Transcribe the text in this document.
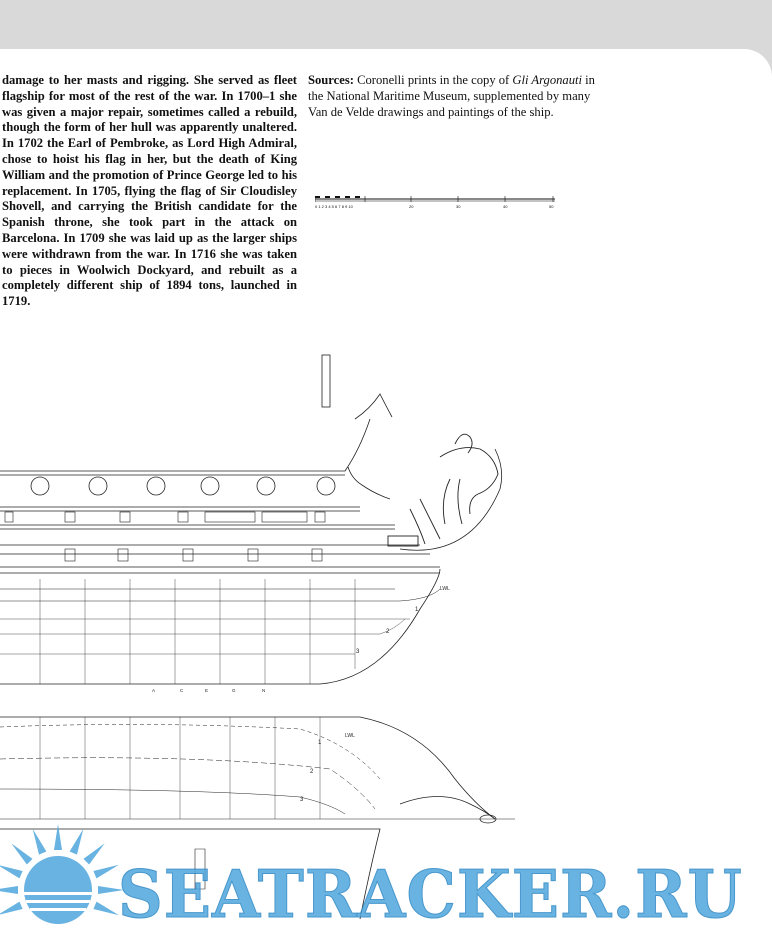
damage to her masts and rigging. She served as fleet flagship for most of the rest of the war. In 1700–1 she was given a major repair, sometimes called a rebuild, though the form of her hull was apparently unaltered. In 1702 the Earl of Pembroke, as Lord High Admiral, chose to hoist his flag in her, but the death of King William and the promotion of Prince George led to his replacement. In 1705, flying the flag of Sir Cloudisley Shovell, and carrying the British candidate for the Spanish throne, she took part in the attack on Barcelona. In 1709 she was laid up as the larger ships were withdrawn from the war. In 1716 she was taken to pieces in Woolwich Dockyard, and rebuilt as a completely different ship of 1894 tons, launched in 1719.
Sources: Coronelli prints in the copy of Gli Argonauti in the National Maritime Museum, supplemented by many Van de Velde drawings and paintings of the ship.
0 1 2 3 4 5 6 7 8 9 10	20	30	40	50
LWL
1
2
3
A	C	E	G	N
1
LWL
2
3
SEATRACKER.RU
